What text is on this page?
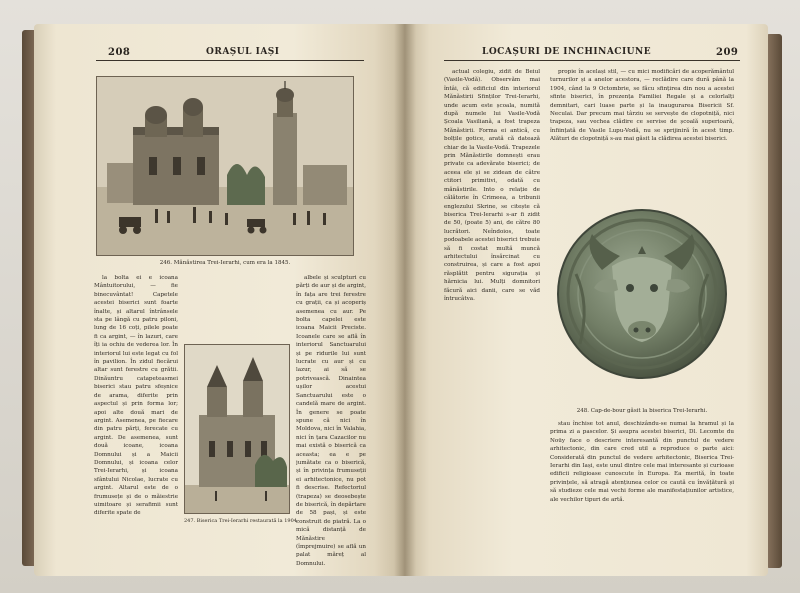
208	ORAȘUL IAȘI
246. Mănăstirea Trei-Ierarhi, cum era la 1845.

la bolta ei e icoana Mântuitorului, — fie binecuvântat! Capetele acestei biserici sunt foarte înalte, și altarul întrânsele sta pe lângă cu patru piloni, lung de 16 coți, pilele poate fi ca argint, — în lazuri, care îți ia ochiu de vederea lor. În interiorul lui este legat cu fol în pavilion. În zidul fiecărui altar sunt ferestre cu grătii. Dinăuntru catapeteasmei biserici stau patru sfeșnice de arama, diferite prin aspectul și prin forma lor; apoi alte două mari de argint. Asemenea, pe fiecare din patru părți, ferecate cu argint. De asemenea, sunt două icoane, icoana Domnului și a Maicii Domnului, și icoana celor Trei-Ierarhi, și icoana sfântului Nicolae, lucrate cu argint. Altarul este de o frumusețe și de o măiestrie uimitoare și serafimii sunt diferite spate de

247. Biserica Trei-Ierarhi restaurată la 1904.

albele și sculpturi cu părți de aur și de argint, în fața are trei ferestre cu grații, ca și acoperiș asemenea cu aur. Pe bolta capelei este icoana Maicii Preciste. Icoanele care se află în interiorul Sanctuarului și pe ridurile lui sunt lucrate cu aur și cu lazur, ai să se potrivească. Dinaintea ușilor acestui Sanctuarului este o candelă mare de argint. În genere se poate spune că nici în Moldova, nici în Valahia, nici în țara Cazacilor nu mai există o biserică ca aceasta; ea e pe jumătate ca o biserică, și în privința frumuseții ei arhitectonice, nu pot fi descrise. Refectoriul (trapeza) se deosebește de biserică, în depărtare de 58 pași, și este construit de piatră. La o mică distanță de Mănăstire (împrejmuire) se află un palat măreț al Domnului.

LOCAȘURI DE INCHINACIUNE	209

actual colegiu, zidit de Beiul (Vasile-Vodă). Observăm mai întâi, că edificiul din interiorul Mănăstirii Sfinților Trei-Ierarhi, unde acum este școala, numită după numele lui Vasile-Vodă Școala Vasiliană, a fost trapeza Mănăstirii. Forma ei antică, cu bolțile gotice, arată că datează chiar de la Vasile-Vodă. Trapezele prin Mănăstirile domnești erau private ca adevărate biserici; de aceea ele și se zidean de către ctitori primitivi, odată cu mănăstirile. Into o relație de călătorie în Crimeea, a tribunii englezului Skrine, se citește că biserica Trei-Ierarhi s-ar fi zidit de 50, (poate 5) ani, de către 80 lucrători. Neîndoios, toate podoabele acestei biserici trebuie să fi costat multă muncă arhitectului însărcinat cu construirea, și care a fost apoi răsplătit pentru sigurația și hărnicia lui. Mulți domnitori făcură aici danii, care se văd întrucâtva.

propie în același stil, — cu mici modificări de acoperământul turnurilor și a anelor acestora, — reclădire care dură până la 1904, când la 9 Octombrie, se făcu sfințirea din nou a acestei sfinte biserici, în prezența Familiei Regale și a celorlalți demnitari, cari luase parte și la inaugurarea Bisericii Sf. Neculai. Dar precum mai târziu se servește de clopotniță, nici trapeza, sau vechea clădire ce servise de școală superioară, înființată de Vasile Lupu-Vodă, nu se sprijiniră în acest timp. Alături de clopotniță s-au mai găsit la clădirea acestei biserici.

248. Cap-de-bour găsit la biserica Trei-Ierarhi.

stau închise tot anul, deschizându-se numai la hramul și la prima zi a pascelor. Și asupra acestei biserici, Dl. Lecomte du Noüy face o descriere interesantă din punctul de vedere arhitectonic, din care cred util a reproduce o parte aici: Considerată din punctul de vedere arhitectonic, Biserica Trei-Ierarhi din Iași, este unul dintre cele mai interesante și curioase edificii religioase cunoscute în Europa. Ea merită, în toate privințele, să atragă atențiunea celor ce caută cu învățătură și să studieze cele mai vechi forme ale manifestațiunilor artistice, ale vechilor tipuri de artă.
